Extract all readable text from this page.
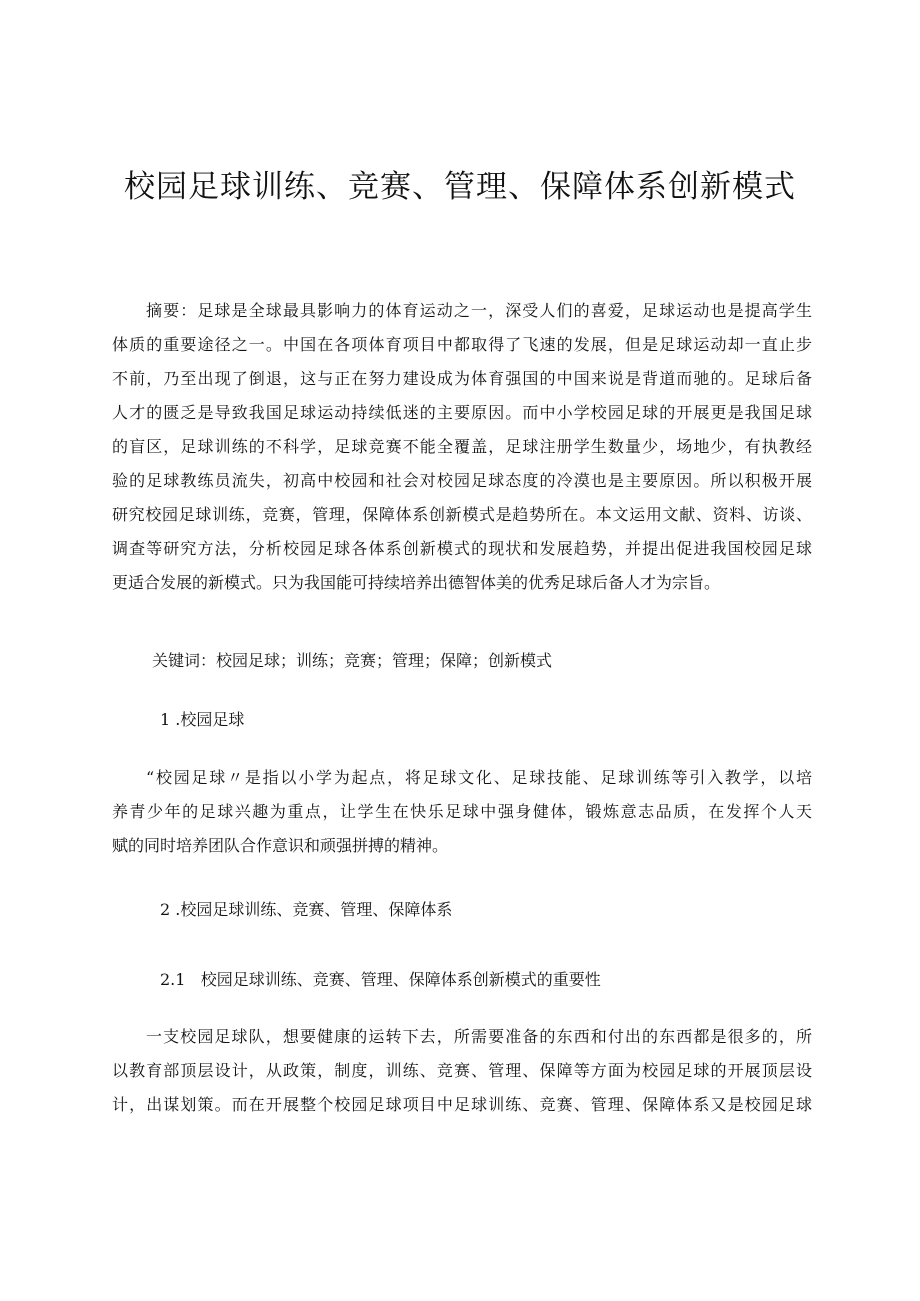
校园足球训练、竞赛、管理、保障体系创新模式
摘要：足球是全球最具影响力的体育运动之一，深受人们的喜爱，足球运动也是提高学生
体质的重要途径之一。中国在各项体育项目中都取得了飞速的发展，但是足球运动却一直止步
不前，乃至出现了倒退，这与正在努力建设成为体育强国的中国来说是背道而驰的。足球后备
人才的匮乏是导致我国足球运动持续低迷的主要原因。而中小学校园足球的开展更是我国足球
的盲区，足球训练的不科学，足球竞赛不能全覆盖，足球注册学生数量少，场地少，有执教经
验的足球教练员流失，初高中校园和社会对校园足球态度的冷漠也是主要原因。所以积极开展
研究校园足球训练，竞赛，管理，保障体系创新模式是趋势所在。本文运用文献、资料、访谈、
调查等研究方法，分析校园足球各体系创新模式的现状和发展趋势，并提出促进我国校园足球
更适合发展的新模式。只为我国能可持续培养出德智体美的优秀足球后备人才为宗旨。

关键词：校园足球；训练；竞赛；管理；保障；创新模式

1 .校园足球

“校园足球〃是指以小学为起点，将足球文化、足球技能、足球训练等引入教学，以培
养青少年的足球兴趣为重点，让学生在快乐足球中强身健体，锻炼意志品质，在发挥个人天
赋的同时培养团队合作意识和顽强拼搏的精神。

2 .校园足球训练、竞赛、管理、保障体系

2.1   校园足球训练、竞赛、管理、保障体系创新模式的重要性

一支校园足球队，想要健康的运转下去，所需要准备的东西和付出的东西都是很多的，所
以教育部顶层设计，从政策，制度，训练、竞赛、管理、保障等方面为校园足球的开展顶层设
计，出谋划策。而在开展整个校园足球项目中足球训练、竞赛、管理、保障体系又是校园足球
